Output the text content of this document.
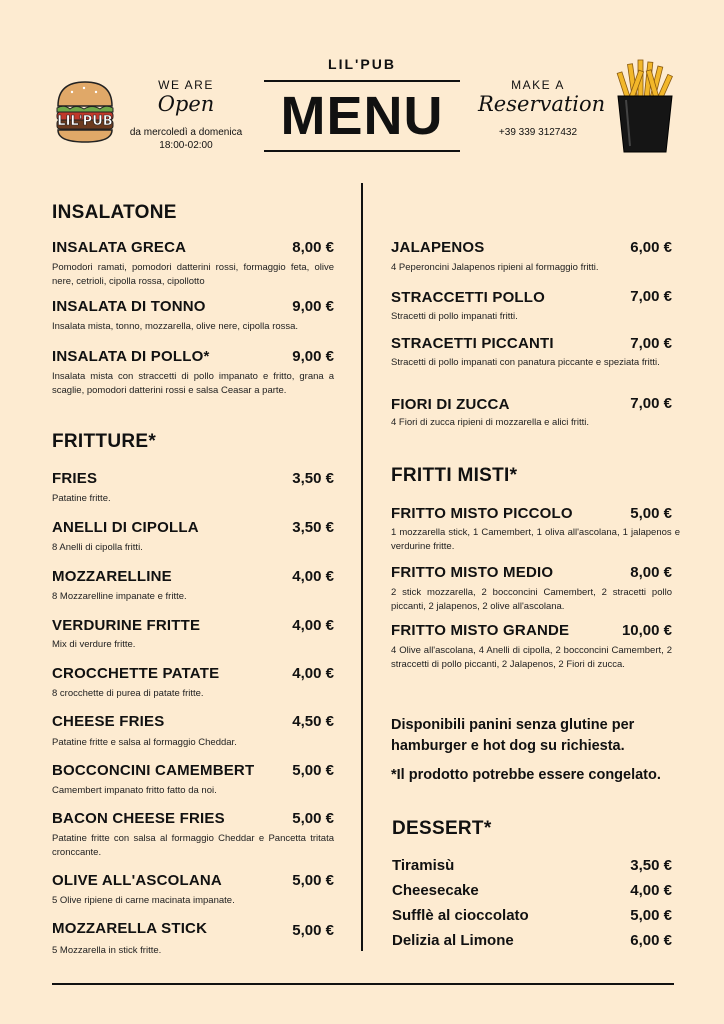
LIL'PUB
WE ARE
Open
da mercoledì a domenica
18:00-02:00
LIL'PUB
MENU
MAKE A
Reservation
+39 339 3127432
INSALATONE
INSALATA GRECA	8,00 €
Pomodori ramati, pomodori datterini rossi, formaggio feta, olive nere, cetrioli, cipolla rossa, cipollotto
INSALATA DI TONNO	9,00 €
Insalata mista, tonno, mozzarella, olive nere, cipolla rossa.
INSALATA DI POLLO*	9,00 €
Insalata mista con straccetti di pollo impanato e fritto, grana a scaglie, pomodori datterini rossi e salsa Ceasar a parte.
FRITTURE*
FRIES	3,50 €
Patatine fritte.
ANELLI DI CIPOLLA	3,50 €
8 Anelli di cipolla fritti.
MOZZARELLINE	4,00 €
8 Mozzarelline impanate e fritte.
VERDURINE FRITTE	4,00 €
Mix di verdure fritte.
CROCCHETTE PATATE	4,00 €
8 crocchette di purea di patate fritte.
CHEESE FRIES	4,50 €
Patatine fritte e salsa al formaggio Cheddar.
BOCCONCINI CAMEMBERT	5,00 €
Camembert impanato fritto fatto da noi.
BACON CHEESE FRIES	5,00 €
Patatine fritte con salsa al formaggio Cheddar e Pancetta tritata cronccante.
OLIVE ALL'ASCOLANA	5,00 €
5 Olive ripiene di carne macinata impanate.
MOZZARELLA STICK	5,00 €
5 Mozzarella in stick fritte.
JALAPENOS	6,00 €
4 Peperoncini Jalapenos ripieni al formaggio fritti.
STRACCETTI POLLO	7,00 €
Stracetti di pollo impanati fritti.
STRACETTI PICCANTI	7,00 €
Stracetti di pollo impanati con panatura piccante e speziata fritti.
FIORI DI ZUCCA	7,00 €
4 Fiori di zucca ripieni di mozzarella e alici fritti.
FRITTI MISTI*
FRITTO MISTO PICCOLO	5,00 €
1 mozzarella stick, 1 Camembert, 1 oliva all'ascolana, 1 jalapenos e verdurine fritte.
FRITTO MISTO MEDIO	8,00 €
2 stick mozzarella, 2 bocconcini Camembert, 2 stracetti pollo piccanti, 2 jalapenos, 2 olive all'ascolana.
FRITTO MISTO GRANDE	10,00 €
4 Olive all'ascolana, 4 Anelli di cipolla, 2 bocconcini Camembert, 2 straccetti di pollo piccanti, 2 Jalapenos, 2 Fiori di zucca.
Disponibili panini senza glutine per hamburger e hot dog su richiesta.
*Il prodotto potrebbe essere congelato.
DESSERT*
Tiramisù	3,50 €
Cheesecake	4,00 €
Sufflè al cioccolato	5,00 €
Delizia al Limone	6,00 €
